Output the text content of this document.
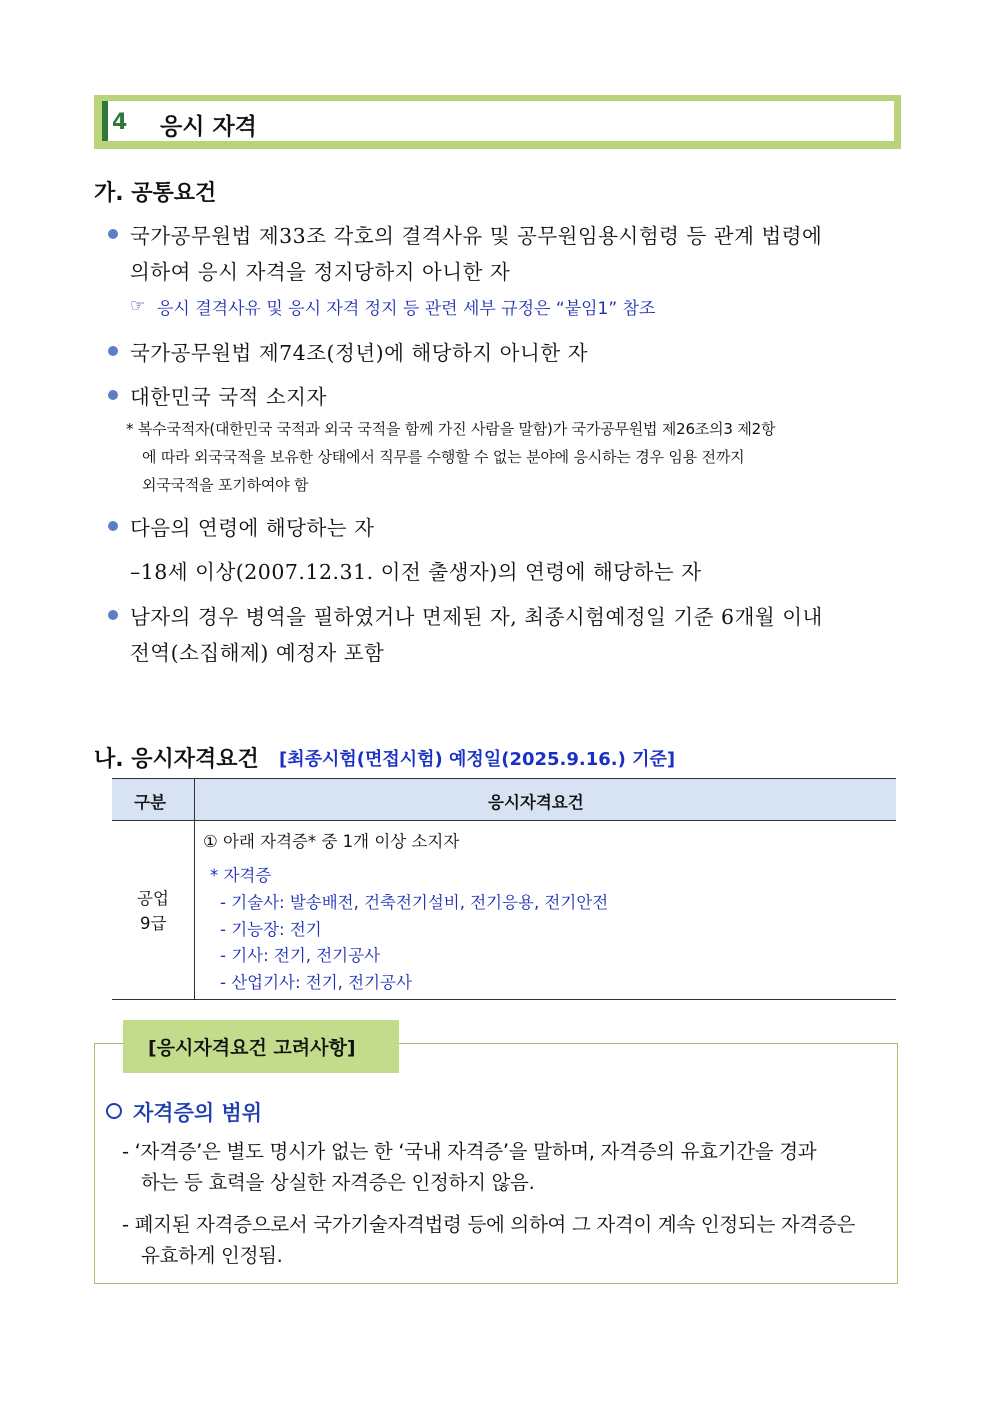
4 응시 자격
가. 공통요건
국가공무원법 제33조 각호의 결격사유 및 공무원임용시험령 등 관계 법령에
의하여 응시 자격을 정지당하지 아니한 자
☞ 응시 결격사유 및 응시 자격 정지 등 관련 세부 규정은 “붙임1” 참조
국가공무원법 제74조(정년)에 해당하지 아니한 자
대한민국 국적 소지자
* 복수국적자(대한민국 국적과 외국 국적을 함께 가진 사람을 말함)가 국가공무원법 제26조의3 제2항
에 따라 외국국적을 보유한 상태에서 직무를 수행할 수 없는 분야에 응시하는 경우 임용 전까지
외국국적을 포기하여야 함
다음의 연령에 해당하는 자
–18세 이상(2007.12.31. 이전 출생자)의 연령에 해당하는 자
남자의 경우 병역을 필하였거나 면제된 자, 최종시험예정일 기준 6개월 이내
전역(소집해제) 예정자 포함
나. 응시자격요건 [최종시험(면접시험) 예정일(2025.9.16.) 기준]
구분	응시자격요건
공업
9급
① 아래 자격증* 중 1개 이상 소지자
* 자격증
- 기술사: 발송배전, 건축전기설비, 전기응용, 전기안전
- 기능장: 전기
- 기사: 전기, 전기공사
- 산업기사: 전기, 전기공사
[응시자격요건 고려사항]
자격증의 범위
- ‘자격증’은 별도 명시가 없는 한 ‘국내 자격증’을 말하며, 자격증의 유효기간을 경과
하는 등 효력을 상실한 자격증은 인정하지 않음.
- 폐지된 자격증으로서 국가기술자격법령 등에 의하여 그 자격이 계속 인정되는 자격증은
유효하게 인정됨.
